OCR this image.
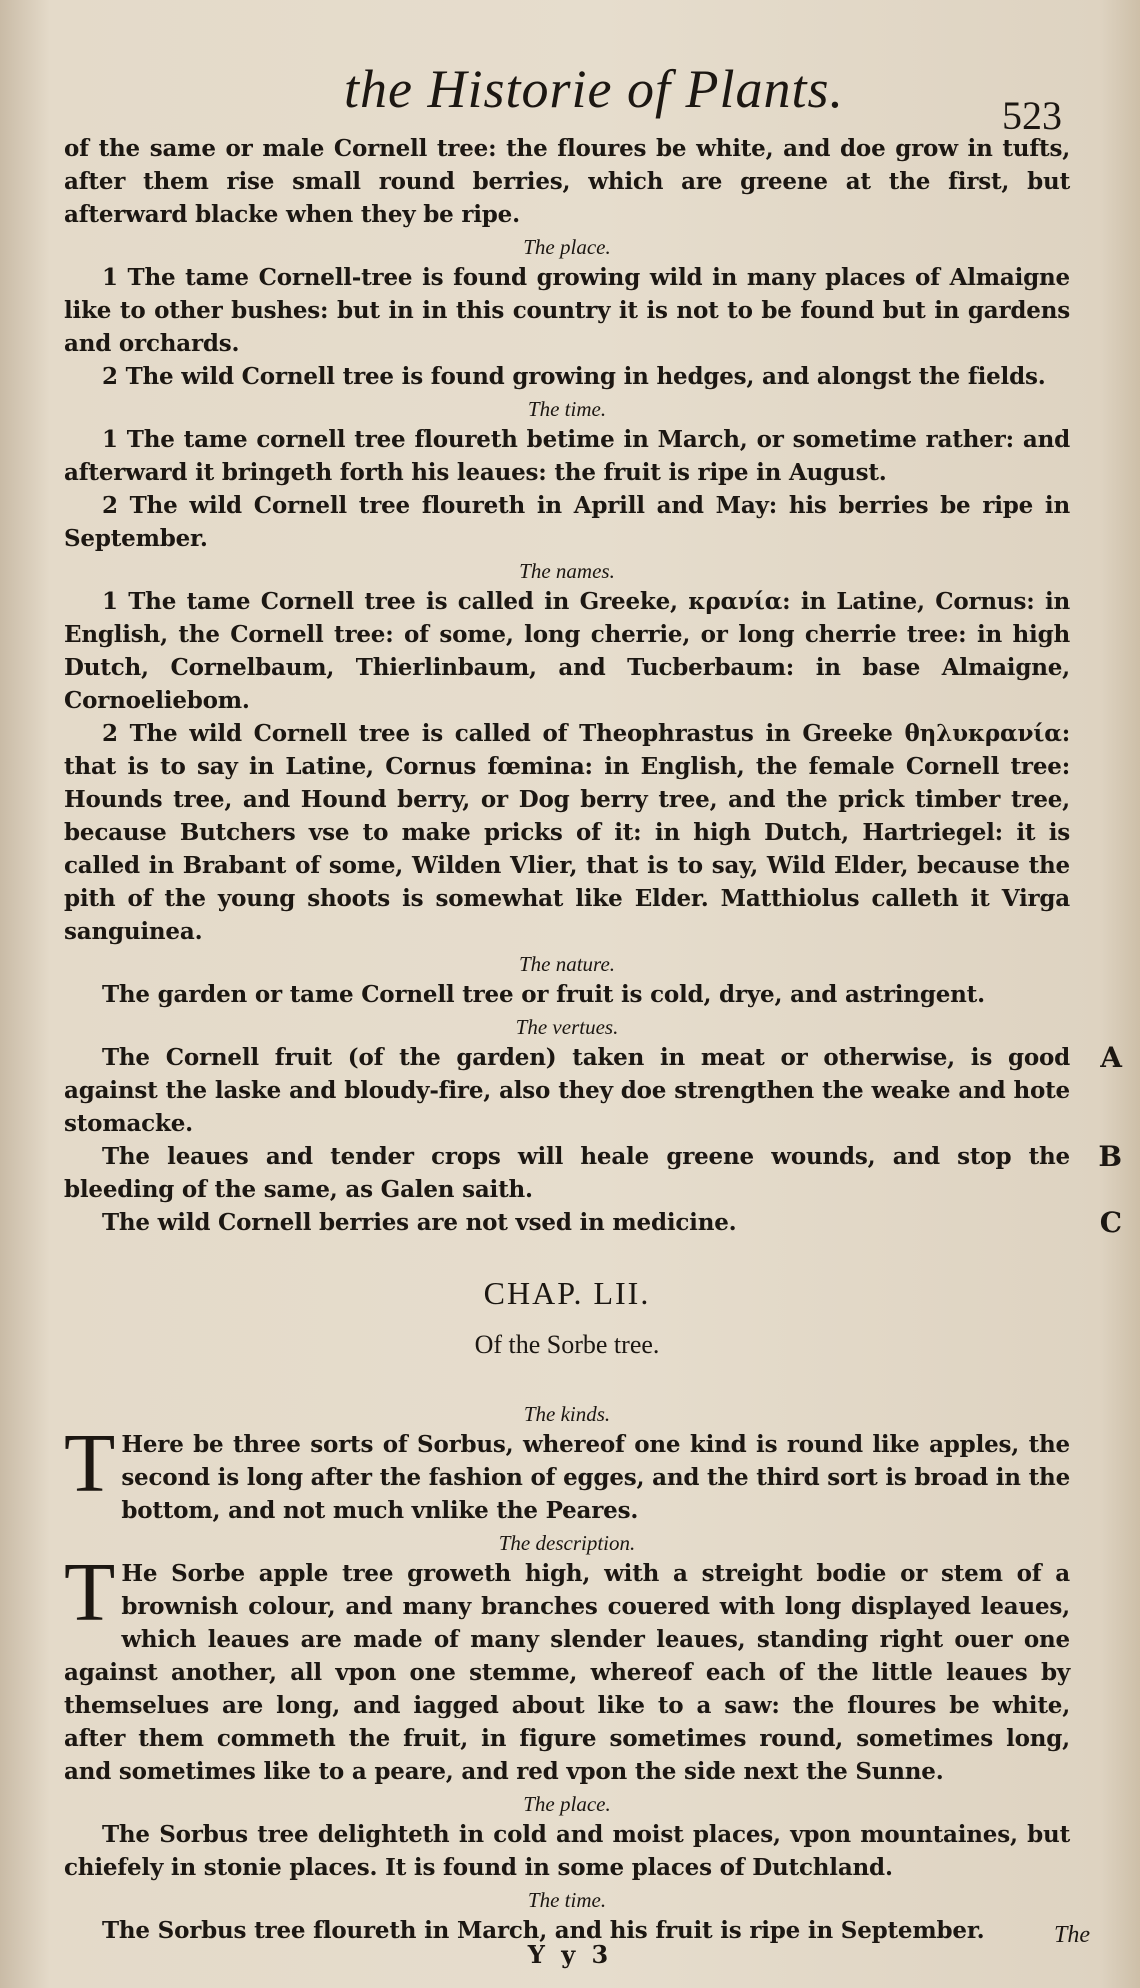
the Historie of Plants.	523

of the same or male Cornell tree: the floures be white, and doe grow in tufts, after them rise small round berries, which are greene at the first, but afterward blacke when they be ripe.

The place.

1 The tame Cornell-tree is found growing wild in many places of Almaigne like to other bushes: but in in this country it is not to be found but in gardens and orchards.

2 The wild Cornell tree is found growing in hedges, and alongst the fields.

The time.

1 The tame cornell tree floureth betime in March, or sometime rather: and afterward it bringeth forth his leaues: the fruit is ripe in August.

2 The wild Cornell tree floureth in Aprill and May: his berries be ripe in September.

The names.

1 The tame Cornell tree is called in Greeke, κρανία: in Latine, Cornus: in English, the Cornell tree: of some, long cherrie, or long cherrie tree: in high Dutch, Cornelbaum, Thierlinbaum, and Tucberbaum: in base Almaigne, Cornoeliebom.

2 The wild Cornell tree is called of Theophrastus in Greeke θηλυκρανία: that is to say in Latine, Cornus fœmina: in English, the female Cornell tree: Hounds tree, and Hound berry, or Dog berry tree, and the prick timber tree, because Butchers vse to make pricks of it: in high Dutch, Hartriegel: it is called in Brabant of some, Wilden Vlier, that is to say, Wild Elder, because the pith of the young shoots is somewhat like Elder. Matthiolus calleth it Virga sanguinea.

The nature.

The garden or tame Cornell tree or fruit is cold, drye, and astringent.

The vertues.

The Cornell fruit (of the garden) taken in meat or otherwise, is good against the laske and bloudy-fire, also they doe strengthen the weake and hote stomacke.

A

The leaues and tender crops will heale greene wounds, and stop the bleeding of the same, as Galen saith.

B

The wild Cornell berries are not vsed in medicine.	C

CHAP. LII.

Of the Sorbe tree.

The kinds.

T Here be three sorts of Sorbus, whereof one kind is round like apples, the second is long after the fashion of egges, and the third sort is broad in the bottom, and not much vnlike the Peares.

The description.

T He Sorbe apple tree groweth high, with a streight bodie or stem of a brownish colour, and many branches couered with long displayed leaues, which leaues are made of many slender leaues, standing right ouer one against another, all vpon one stemme, whereof each of the little leaues by themselues are long, and iagged about like to a saw: the floures be white, after them commeth the fruit, in figure sometimes round, sometimes long, and sometimes like to a peare, and red vpon the side next the Sunne.

The place.

The Sorbus tree delighteth in cold and moist places, vpon mountaines, but chiefely in stonie places. It is found in some places of Dutchland.

The time.

The Sorbus tree floureth in March, and his fruit is ripe in September.

Y y 3
The
